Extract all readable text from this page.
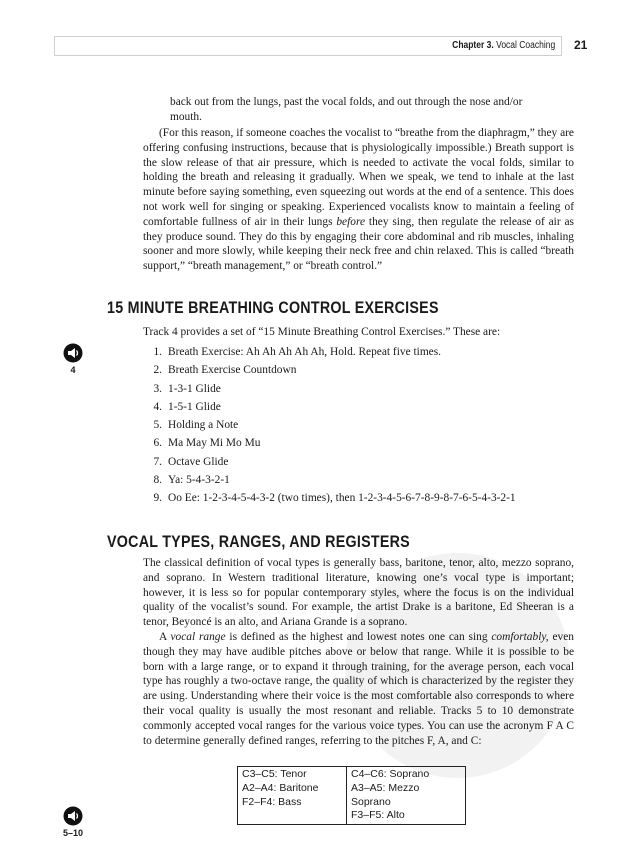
Chapter 3. Vocal Coaching 21
back out from the lungs, past the vocal folds, and out through the nose and/or mouth.

(For this reason, if someone coaches the vocalist to “breathe from the diaphragm,” they are offering confusing instructions, because that is physiologically impossible.) Breath support is the slow release of that air pressure, which is needed to activate the vocal folds, similar to holding the breath and releasing it gradually. When we speak, we tend to inhale at the last minute before saying something, even squeezing out words at the end of a sentence. This does not work well for singing or speaking. Experienced vocalists know to maintain a feeling of comfortable fullness of air in their lungs before they sing, then regulate the release of air as they produce sound. They do this by engaging their core abdominal and rib muscles, inhaling sooner and more slowly, while keeping their neck free and chin relaxed. This is called “breath support,” “breath management,” or “breath control.”

15 MINUTE BREATHING CONTROL EXERCISES
Track 4 provides a set of “15 Minute Breathing Control Exercises.” These are:
4
1. Breath Exercise: Ah Ah Ah Ah Ah, Hold. Repeat five times.
2. Breath Exercise Countdown
3. 1-3-1 Glide
4. 1-5-1 Glide
5. Holding a Note
6. Ma May Mi Mo Mu
7. Octave Glide
8. Ya: 5-4-3-2-1
9. Oo Ee: 1-2-3-4-5-4-3-2 (two times), then 1-2-3-4-5-6-7-8-9-8-7-6-5-4-3-2-1
VOCAL TYPES, RANGES, AND REGISTERS

The classical definition of vocal types is generally bass, baritone, tenor, alto, mezzo soprano, and soprano. In Western traditional literature, knowing one’s vocal type is important; however, it is less so for popular contemporary styles, where the focus is on the individual quality of the vocalist’s sound. For example, the artist Drake is a baritone, Ed Sheeran is a tenor, Beyoncé is an alto, and Ariana Grande is a soprano.

A vocal range is defined as the highest and lowest notes one can sing comfortably, even though they may have audible pitches above or below that range. While it is possible to be born with a large range, or to expand it through training, for the average person, each vocal type has roughly a two-octave range, the quality of which is characterized by the register they are using. Understanding where their voice is the most comfortable also corresponds to where their vocal quality is usually the most resonant and reliable. Tracks 5 to 10 demonstrate commonly accepted vocal ranges for the various voice types. You can use the acronym F A C to determine generally defined ranges, referring to the pitches F, A, and C:

5–10
C3–C5: Tenor
A2–A4: Baritone
F2–F4: Bass

C4–C6: Soprano
A3–A5: Mezzo Soprano
F3–F5: Alto
